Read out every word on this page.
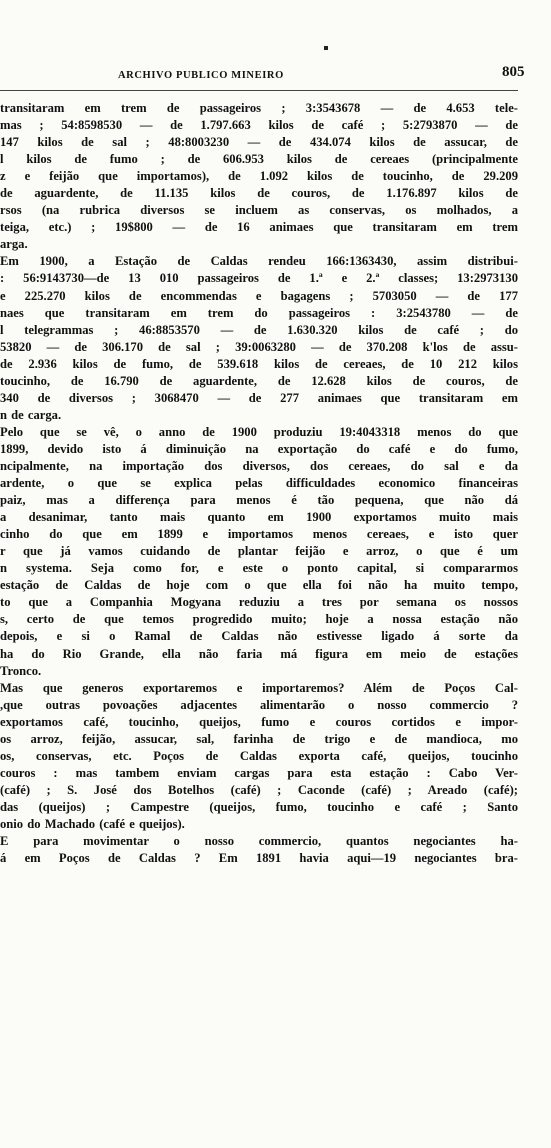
ARCHIVO PUBLICO MINEIRO	805
transitaram em trem de passageiros ; 3:3543678 — de 4.653 tele-
mas ; 54:8598530 — de 1.797.663 kilos de café ; 5:2793870 — de
147 kilos de sal ; 48:8003230 — de 434.074 kilos de assucar, de
l kilos de fumo ; de 606.953 kilos de cereaes (principalmente
z e feijão que importamos), de 1.092 kilos de toucinho, de 29.209
de aguardente, de 11.135 kilos de couros, de 1.176.897 kilos de
rsos (na rubrica diversos se incluem as conservas, os molhados, a
teiga, etc.) ; 19$800 — de 16 animaes que transitaram em trem
arga.
Em 1900, a Estação de Caldas rendeu 166:1363430, assim distribui-
: 56:9143730—de 13 010 passageiros de 1.ª e 2.ª classes; 13:2973130
e 225.270 kilos de encommendas e bagagens ; 5703050 — de 177
naes que transitaram em trem do passageiros : 3:2543780 — de
l telegrammas ; 46:8853570 — de 1.630.320 kilos de café ; do
53820 — de 306.170 de sal ; 39:0063280 — de 370.208 k'los de assu-
de 2.936 kilos de fumo, de 539.618 kilos de cereaes, de 10 212 kilos
toucinho, de 16.790 de aguardente, de 12.628 kilos de couros, de
340 de diversos ; 3068470 — de 277 animaes que transitaram em
n de carga.
Pelo que se vê, o anno de 1900 produziu 19:4043318 menos do que
1899, devido isto á diminuição na exportação do café e do fumo,
ncipalmente, na importação dos diversos, dos cereaes, do sal e da
ardente, o que se explica pelas difficuldades economico financeiras
paiz, mas a differença para menos é tão pequena, que não dá
a desanimar, tanto mais quanto em 1900 exportamos muito mais
cinho do que em 1899 e importamos menos cereaes, e isto quer
r que já vamos cuidando de plantar feijão e arroz, o que é um
n systema. Seja como for, e este o ponto capital, si compararmos
estação de Caldas de hoje com o que ella foi não ha muito tempo,
to que a Companhia Mogyana reduziu a tres por semana os nossos
s, certo de que temos progredido muito; hoje a nossa estação não
depois, e si o Ramal de Caldas não estivesse ligado á sorte da
ha do Rio Grande, ella não faria má figura em meio de estações
Tronco.
Mas que generos exportaremos e importaremos? Além de Poços Cal-
,que outras povoações adjacentes alimentarão o nosso commercio ?
exportamos café, toucinho, queijos, fumo e couros cortidos e impor-
os arroz, feijão, assucar, sal, farinha de trigo e de mandioca, mo
os, conservas, etc. Poços de Caldas exporta café, queijos, toucinho
couros : mas tambem enviam cargas para esta estação : Cabo Ver-
(café) ; S. José dos Botelhos (café) ; Caconde (café) ; Areado (café);
das (queijos) ; Campestre (queijos, fumo, toucinho e café ; Santo
onio do Machado (café e queijos).
E para movimentar o nosso commercio, quantos negociantes ha-
á em Poços de Caldas ? Em 1891 havia aqui—19 negociantes bra-
